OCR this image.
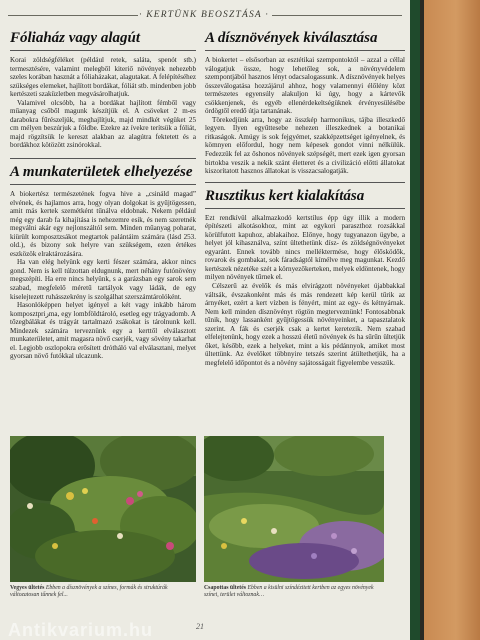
· KERTÜNK BEOSZTÁSA ·
Fóliaház vagy alagút

Korai zöldségféléket (például retek, saláta, spenót stb.) termesztésére, valamint melegből kiteriő növények nehezebb szeles korában hasznát a fóliaházakat, alagutakat. A felépítéséhez szükséges elemeket, hajlított bordákat, fóliát stb. mindenben jobb kertészeti szaküzletben megvásárolhatjuk.

Valamivel olcsóbb, ha a bordákat hajlított fémből vagy műanyag csőből magunk készítjük el. A csöveket 2 m-es darabokra fűrészeljük, meghajlítjuk, majd mindkét végüket 25 cm mélyen beszúrjuk a földbe. Ezekre az ívekre terítsük a fóliát, majd rögzítsük le kereszt alakban az alagútra fektetett és a bordákhoz kötözött zsinórokkal.

A munkaterületek elhelyezése

A biokertész természetének fogva hive a „csináld magad” elvének, és hajlamos arra, hogy olyan dolgokat is gyűjtögessen, amit más kertek szemétként tűnálva eldobnak. Nekem például még egy darab fa kihajítása is nehezemre esik, és nem szeretnék megválni akár egy nejlonszáltól sem. Minden műanyag poharat, kiürült komposztzsákot megtartok palántáim számára (lásd 253. old.), és bizony sok helyre van szükségem, ezen értékes eszközök elraktározására.

Ha van elég helyünk egy kerti fészer számára, akkor nincs gond. Nem is kell túlzottan eldugnunk, mert néhány futónövény megszépíti. Ha erre nincs helyünk, s a garázsban egy sarok sem szabad, megfelelő méretű tartályok vagy ládák, de egy kiselejtezett ruhásszekrény is szolgálhat szerszámtárolóként.

Hasonlóképpen helyet igényel a két vagy inkább három komposztpriزma, egy lombföldtároló, esetleg egy trágyadomb. A tőzegbálákat és trágyát tartalmazó zsákokat is tárolnunk kell. Mindezek számára terveznünk egy a kerttől elválasztott munkaterületet, amit magasra növő cserjék, vagy sövény takarhat el. Legjobb oszlopokra erősített drótháló val elválasztani, melyet gyorsan növő futókkal ulcazunk.

A dísznövények kiválasztása

A biokertet – elsősorban az esztétikai szempontoktól – azzal a céllal válogatjuk össze, hogy lehetőleg sok, a növényvédelem szempontjából hasznos lényt odacsalogassunk. A dísznövények helyes összeválogatása hozzájárul ahhoz, hogy valamennyi élőlény közt természetes egyensúly alakuljon ki úgy, hogy a kártevők csökkenjenek, és egyéb ellenérdekeltségüknek érvényesülésébe ördögtől eredő útja tartanának.

Törekedjünk arra, hogy az összkép harmonikus, tájba illeszkedő legyen. Ilyen egyűttesebe nehezen illeszkednek a botanikai ritkaságok. Amúgy is sok fejgyémet, szakképzettséget igényelnek, és kömnyen előfordul, hogy nem képesek gondot vinni nélkülük. Fedezzük fel az őshonos növények szépségét, mert ezek igen gyorsan birtokba veszik a nekik szánt életteret és a civilizáció előtti állatokat kiszorítatott hasznos állatokat is visszacsalogatják.

Rusztikus kert kialakítása

Ezt rendkívül alkalmazkodó kertstílus épp úgy illik a modern építészeti alkotásokhoz, mint az egykori paraszthoz rozsákkal körülfutott kapuhoz, ablakaihoz. Előnye, hogy tugyanazon ügybe, a helyet jól kihasználva, színt ültethetünk dísz- és zöldségnövényeket egyaránt. Ennek tovább nincs melléktermése, hogy élősködők, rovarok és gombakat, sok fáradságtól kímélve meg magunkat. Kezdő kertészek nézetéke szét a környezőkerteken, melyek eldöntenek, hogy milyen növények tűrnek el.

Célszerű az évelők és más elvirágzott növényeket újabbakkal váltsák, évszakonként más és más rendezett kép kerül tűrik az árnyéket, ezért a kert vízben is fényért, mint az egy- és kétnyárnak. Nem kell minden dísznövényt rögtön megterveznünk! Fontosabbnak tűnik, hogy lassanként gyűjtögessük növényeinket, a tapasztalatok szerint. A fák és cserjék csak a kertet keretezik. Nem szabad elfelejtenünk, hogy ezek a hosszú életű növények és ha sűrűn ültetjük őket, később, ezek a helyeket, mint a kis pédánnyok, amiket most ültettünk. Az évelőket többnyire tetszés szerint átültethetjük, ha a megfelelő időpontot és a növény sajátosságait figyelembe vesszük.

Vegyes ültetés Ebben a dísznövények a színes, formák és struktúrák változatosan tűnnek fel...
Csapottas ültetés Ebben a kisülni színdézitett kertben az egyes növények színei, terület változnak…
21
Antikvarium.hu
